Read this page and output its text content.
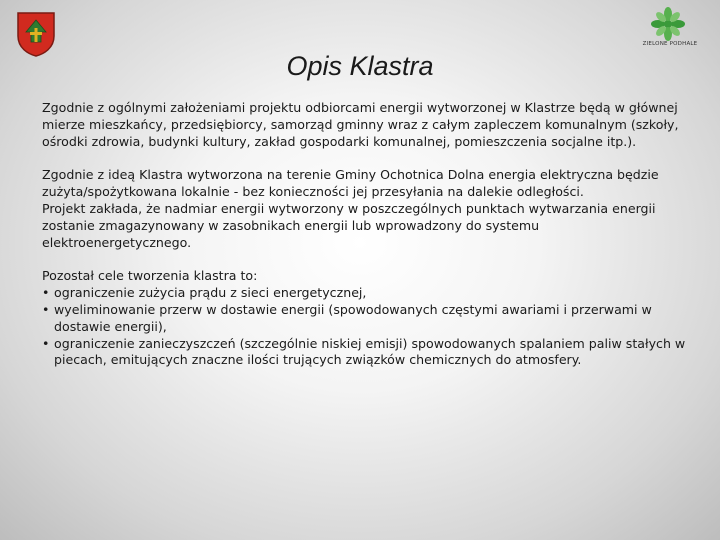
ZIELONE PODHALE
Opis Klastra

Zgodnie z ogólnymi założeniami projektu odbiorcami energii wytworzonej w Klastrze będą w głównej mierze mieszkańcy, przedsiębiorcy, samorząd gminny wraz z całym zapleczem komunalnym (szkoły, ośrodki zdrowia, budynki kultury, zakład gospodarki komunalnej, pomieszczenia socjalne itp.).

Zgodnie z ideą Klastra wytworzona na terenie Gminy Ochotnica Dolna energia elektryczna będzie zużyta/spożytkowana lokalnie - bez konieczności jej przesyłania na dalekie odległości.

Projekt zakłada, że nadmiar energii wytworzony w poszczególnych punktach wytwarzania energii zostanie zmagazynowany w zasobnikach energii lub wprowadzony do systemu elektroenergetycznego.

Pozostał cele tworzenia klastra to:

• ograniczenie zużycia prądu z sieci energetycznej,
• wyeliminowanie przerw w dostawie energii (spowodowanych częstymi awariami i przerwami w dostawie energii),
• ograniczenie zanieczyszczeń (szczególnie niskiej emisji) spowodowanych spalaniem paliw stałych w piecach, emitujących znaczne ilości trujących związków chemicznych do atmosfery.
